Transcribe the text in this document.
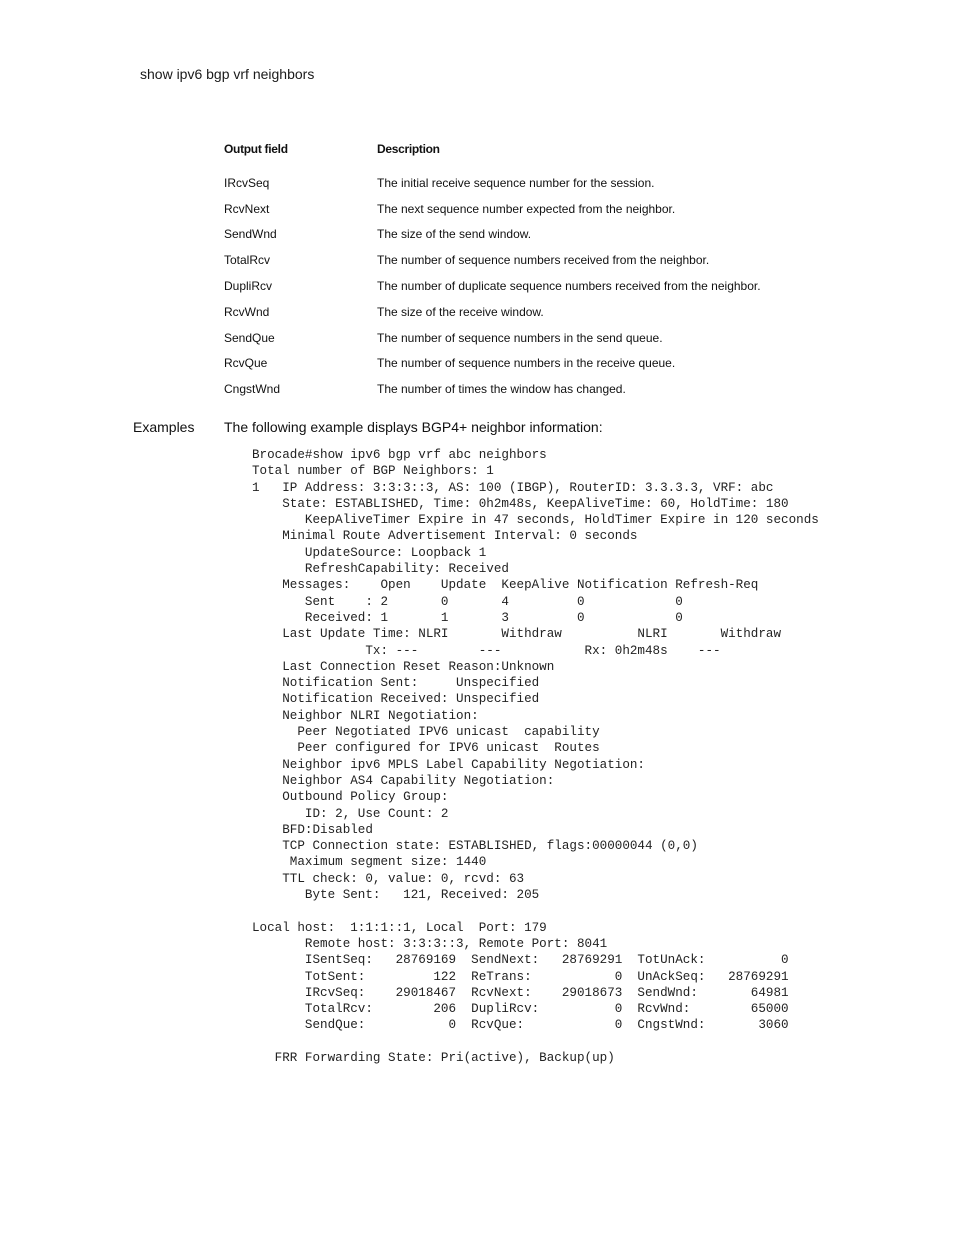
show ipv6 bgp vrf neighbors
Output field	Description
IRcvSeq	The initial receive sequence number for the session.
RcvNext	The next sequence number expected from the neighbor.
SendWnd	The size of the send window.
TotalRcv	The number of sequence numbers received from the neighbor.
DupliRcv	The number of duplicate sequence numbers received from the neighbor.
RcvWnd	The size of the receive window.
SendQue	The number of sequence numbers in the send queue.
RcvQue	The number of sequence numbers in the receive queue.
CngstWnd	The number of times the window has changed.
Examples The following example displays BGP4+ neighbor information:
Brocade#show ipv6 bgp vrf abc neighbors
Total number of BGP Neighbors: 1
1   IP Address: 3:3:3::3, AS: 100 (IBGP), RouterID: 3.3.3.3, VRF: abc
State: ESTABLISHED, Time: 0h2m48s, KeepAliveTime: 60, HoldTime: 180
KeepAliveTimer Expire in 47 seconds, HoldTimer Expire in 120 seconds
Minimal Route Advertisement Interval: 0 seconds
UpdateSource: Loopback 1
RefreshCapability: Received
Messages:    Open    Update  KeepAlive Notification Refresh-Req
Sent    : 2       0       4         0            0
Received: 1       1       3         0            0
Last Update Time: NLRI       Withdraw          NLRI       Withdraw
Tx: ---        ---           Rx: 0h2m48s    ---
Last Connection Reset Reason:Unknown
Notification Sent:     Unspecified
Notification Received: Unspecified
Neighbor NLRI Negotiation:
Peer Negotiated IPV6 unicast  capability
Peer configured for IPV6 unicast  Routes
Neighbor ipv6 MPLS Label Capability Negotiation:
Neighbor AS4 Capability Negotiation:
Outbound Policy Group:
ID: 2, Use Count: 2
BFD:Disabled
TCP Connection state: ESTABLISHED, flags:00000044 (0,0)
Maximum segment size: 1440
TTL check: 0, value: 0, rcvd: 63
Byte Sent:   121, Received: 205

Local host:  1:1:1::1, Local  Port: 179
Remote host: 3:3:3::3, Remote Port: 8041
ISentSeq:   28769169  SendNext:   28769291  TotUnAck:          0
TotSent:         122  ReTrans:           0  UnAckSeq:   28769291
IRcvSeq:    29018467  RcvNext:    29018673  SendWnd:       64981
TotalRcv:        206  DupliRcv:          0  RcvWnd:        65000
SendQue:           0  RcvQue:            0  CngstWnd:       3060

FRR Forwarding State: Pri(active), Backup(up)
